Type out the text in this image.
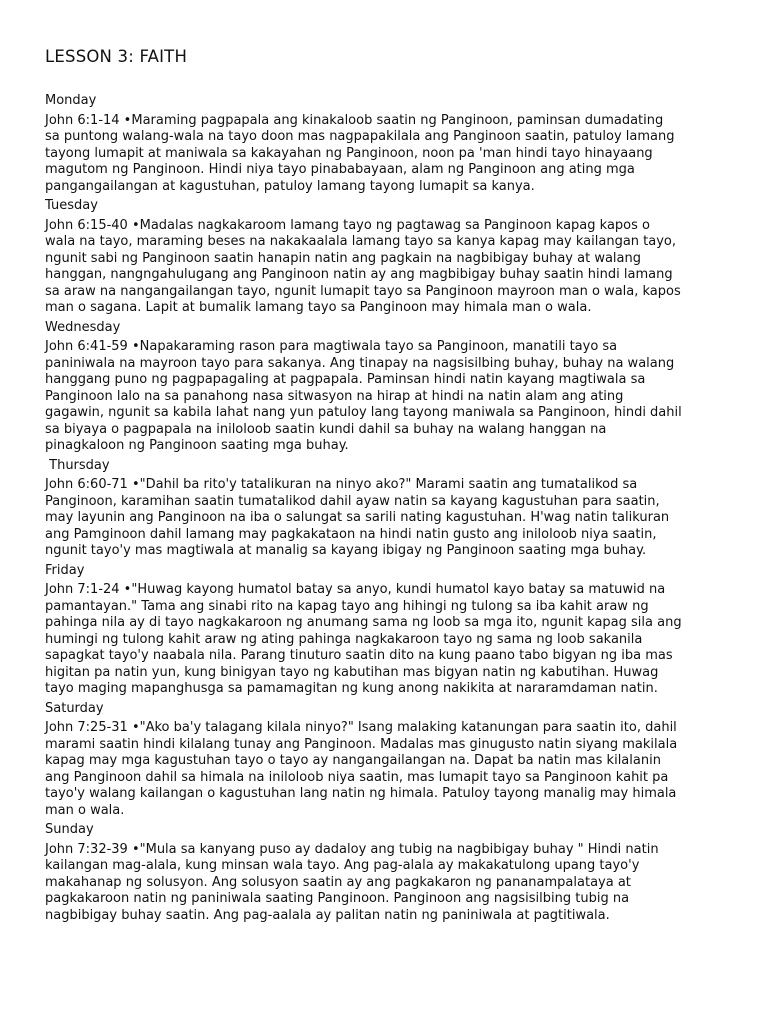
LESSON 3: FAITH
Monday
John 6:1-14 •Maraming pagpapala ang kinakaloob saatin ng Panginoon, paminsan dumadating
sa puntong walang-wala na tayo doon mas nagpapakilala ang Panginoon saatin, patuloy lamang
tayong lumapit at maniwala sa kakayahan ng Panginoon, noon pa 'man hindi tayo hinayaang
magutom ng Panginoon. Hindi niya tayo pinababayaan, alam ng Panginoon ang ating mga
pangangailangan at kagustuhan, patuloy lamang tayong lumapit sa kanya.
Tuesday
John 6:15-40 •Madalas nagkakaroom lamang tayo ng pagtawag sa Panginoon kapag kapos o
wala na tayo, maraming beses na nakakaalala lamang tayo sa kanya kapag may kailangan tayo,
ngunit sabi ng Panginoon saatin hanapin natin ang pagkain na nagbibigay buhay at walang
hanggan, nangngahulugang ang Panginoon natin ay ang magbibigay buhay saatin hindi lamang
sa araw na nangangailangan tayo, ngunit lumapit tayo sa Panginoon mayroon man o wala, kapos
man o sagana. Lapit at bumalik lamang tayo sa Panginoon may himala man o wala.
Wednesday
John 6:41-59 •Napakaraming rason para magtiwala tayo sa Panginoon, manatili tayo sa
paniniwala na mayroon tayo para sakanya. Ang tinapay na nagsisilbing buhay, buhay na walang
hanggang puno ng pagpapagaling at pagpapala. Paminsan hindi natin kayang magtiwala sa
Panginoon lalo na sa panahong nasa sitwasyon na hirap at hindi na natin alam ang ating
gagawin, ngunit sa kabila lahat nang yun patuloy lang tayong maniwala sa Panginoon, hindi dahil
sa biyaya o pagpapala na iniloloob saatin kundi dahil sa buhay na walang hanggan na
pinagkaloon ng Panginoon saating mga buhay.
Thursday
John 6:60-71 •"Dahil ba rito'y tatalikuran na ninyo ako?" Marami saatin ang tumatalikod sa
Panginoon, karamihan saatin tumatalikod dahil ayaw natin sa kayang kagustuhan para saatin,
may layunin ang Panginoon na iba o salungat sa sarili nating kagustuhan. H'wag natin talikuran
ang Pamginoon dahil lamang may pagkakataon na hindi natin gusto ang iniloloob niya saatin,
ngunit tayo'y mas magtiwala at manalig sa kayang ibigay ng Panginoon saating mga buhay.
Friday
John 7:1-24 •"Huwag kayong humatol batay sa anyo, kundi humatol kayo batay sa matuwid na
pamantayan." Tama ang sinabi rito na kapag tayo ang hihingi ng tulong sa iba kahit araw ng
pahinga nila ay di tayo nagkakaroon ng anumang sama ng loob sa mga ito, ngunit kapag sila ang
humingi ng tulong kahit araw ng ating pahinga nagkakaroon tayo ng sama ng loob sakanila
sapagkat tayo'y naabala nila. Parang tinuturo saatin dito na kung paano tabo bigyan ng iba mas
higitan pa natin yun, kung binigyan tayo ng kabutihan mas bigyan natin ng kabutihan. Huwag
tayo maging mapanghusga sa pamamagitan ng kung anong nakikita at nararamdaman natin.
Saturday
John 7:25-31 •"Ako ba'y talagang kilala ninyo?" Isang malaking katanungan para saatin ito, dahil
marami saatin hindi kilalang tunay ang Panginoon. Madalas mas ginugusto natin siyang makilala
kapag may mga kagustuhan tayo o tayo ay nangangailangan na. Dapat ba natin mas kilalanin
ang Panginoon dahil sa himala na iniloloob niya saatin, mas lumapit tayo sa Panginoon kahit pa
tayo'y walang kailangan o kagustuhan lang natin ng himala. Patuloy tayong manalig may himala
man o wala.
Sunday
John 7:32-39 •"Mula sa kanyang puso ay dadaloy ang tubig na nagbibigay buhay " Hindi natin
kailangan mag-alala, kung minsan wala tayo. Ang pag-alala ay makakatulong upang tayo'y
makahanap ng solusyon. Ang solusyon saatin ay ang pagkakaron ng pananampalataya at
pagkakaroon natin ng paniniwala saating Panginoon. Panginoon ang nagsisilbing tubig na
nagbibigay buhay saatin. Ang pag-aalala ay palitan natin ng paniniwala at pagtitiwala.
